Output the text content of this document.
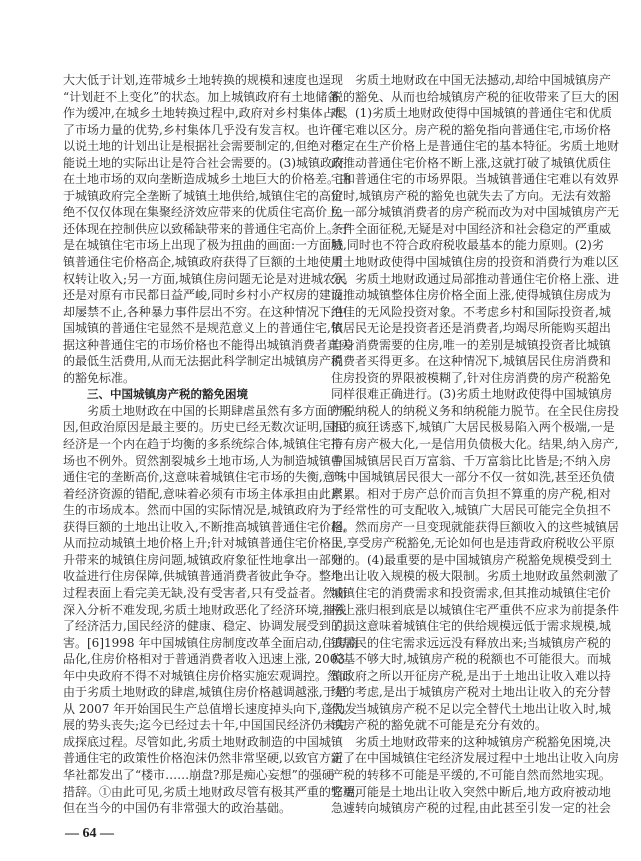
大大低于计划,连带城乡土地转换的规模和速度也逞现
“计划赶不上变化”的状态。加上城镇政府有土地储备
作为缓冲,在城乡土地转换过程中,政府对乡村集体占尽
了市场力量的优势,乡村集体几乎没有发言权。也许可
以说土地的计划出让是根据社会需要制定的,但绝对不
能说土地的实际出让是符合社会需要的。(3)城镇政府
在土地市场的双向垄断造成城乡土地巨大的价格差。由
于城镇政府完全垄断了城镇土地供给,城镇住宅的高价
绝不仅仅体现在集聚经济效应带来的优质住宅高价上,
还体现在控制供应以致稀缺带来的普通住宅高价上。于
是在城镇住宅市场上出现了极为扭曲的画面:一方面城
镇普通住宅价格高企,城镇政府获得了巨额的土地使用
权转让收入;另一方面,城镇住房问题无论是对进城农民
还是对原有市民都日益严峻,同时乡村小产权房的建设
却屡禁不止,各种暴力事件层出不穷。在这种情况下,中
国城镇的普通住宅显然不是规范意义上的普通住宅,依
据这种普通住宅的市场价格也不能得出城镇消费者真实
的最低生活费用,从而无法据此科学制定出城镇房产税
的豁免标准。
三、中国城镇房产税的豁免困境
劣质土地财政在中国的长期肆虐虽然有多方面的原
因,但政治原因是最主要的。历史已经无数次证明,国民
经济是一个内在趋于均衡的多系统综合体,城镇住宅市
场也不例外。贸然割裂城乡土地市场,人为制造城镇普
通住宅的垄断高价,这意味着城镇住宅市场的失衡,意味
着经济资源的错配,意味着必须有市场主体承担由此产
生的市场成本。然而中国的实际情况是,城镇政府为了
获得巨额的土地出让收入,不断推高城镇普通住宅价格,
从而拉动城镇土地价格上升;针对城镇普通住宅价格上
升带来的城镇住房问题,城镇政府象征性地拿出一部分
收益进行住房保障,供城镇普通消费者彼此争夺。整个
过程表面上看完美无缺,没有受害者,只有受益者。然而
深入分析不难发现,劣质土地财政恶化了经济环境,摧残
了经济活力,国民经济的健康、稳定、协调发展受到了损
害。[6]1998 年中国城镇住房制度改革全面启动,住房商
品化,住房价格相对于普通消费者收入迅速上涨, 2003
年中央政府不得不对城镇住房价格实施宏观调控。然而
由于劣质土地财政的肆虐,城镇住房价格越调越涨,于是
从 2007 年开始国民生产总值增长速度掉头向下,蓬勃发
展的势头丧失;迄今已经过去十年,中国国民经济仍未完
成探底过程。尽管如此,劣质土地财政制造的中国城镇
普通住宅的政策性价格泡沫仍然非常坚硬,以致官方新
华社都发出了“楼市……崩盘?那是痴心妄想”的强硬
措辞。①由此可见,劣质土地财政尽管有极其严重的弊端,
但在当今的中国仍有非常强大的政治基础。
劣质土地财政在中国无法撼动,却给中国城镇房产
税的豁免、从而也给城镇房产税的征收带来了巨大的困
难。(1)劣质土地财政使得中国城镇的普通住宅和优质
住宅难以区分。房产税的豁免指向普通住宅,市场价格
稳定在生产价格上是普通住宅的基本特征。劣质土地财
政推动普通住宅价格不断上涨,这就打破了城镇优质住
宅和普通住宅的市场界限。当城镇普通住宅难以有效界
定时,城镇房产税的豁免也就失去了方向。无法有效豁
免一部分城镇消费者的房产税而改为对中国城镇房产无
条件全面征税,无疑是对中国经济和社会稳定的严重威
胁,同时也不符合政府税收最基本的能力原则。(2)劣
质土地财政使得中国城镇住房的投资和消费行为难以区
分。劣质土地财政通过局部推动普通住宅价格上涨、进
而推动城镇整体住房价格全面上涨,使得城镇住房成为
绝佳的无风险投资对象。不考虑乡村和国际投资者,城
镇居民无论是投资者还是消费者,均竭尽所能购买超出
自身消费需要的住房,唯一的差别是城镇投资者比城镇
消费者买得更多。在这种情况下,城镇居民住房消费和
住房投资的界限被模糊了,针对住房消费的房产税豁免
同样很难正确进行。(3)劣质土地财政使得中国城镇房
产税纳税人的纳税义务和纳税能力脱节。在全民住房投
机的疯狂诱惑下,城镇广大居民极易陷入两个极端,一是
持有房产极大化,一是信用负债极大化。结果,纳入房产,
中国城镇居民百万富翁、千万富翁比比皆是;不纳入房
产,中国城镇居民很大一部分不仅一贫如洗,甚至还负债
累累。相对于房产总价而言负担不算重的房产税,相对
于经常性的可支配收入,城镇广大居民可能完全负担不
起。然而房产一旦变现就能获得巨额收入的这些城镇居
民,享受房产税豁免,无论如何也是违背政府税收公平原
则的。(4)最重要的是中国城镇房产税豁免规模受到土
地出让收入规模的极大限制。劣质土地财政虽然刺激了
城镇住宅的消费需求和投资需求,但其推动城镇住宅价
格上涨归根到底是以城镇住宅严重供不应求为前提条件
的。这意味着城镇住宅的供给规模远低于需求规模,城
镇居民的住宅需求远远没有释放出来;当城镇房产税的
税基不够大时,城镇房产税的税额也不可能很大。而城
镇政府之所以开征房产税,是出于土地出让收入难以持
续的考虑,是出于城镇房产税对土地出让收入的充分替
代。当城镇房产税不足以完全替代土地出让收入时,城
镇房产税的豁免就不可能是充分有效的。
劣质土地财政带来的这种城镇房产税豁免困境,决
定了在中国城镇住宅经济发展过程中土地出让收入向房
产税的转移不可能是平缓的,不可能自然而然地实现。
它更可能是土地出让收入突然中断后,地方政府被动地
急遽转向城镇房产税的过程,由此甚至引发一定的社会
— 64 —
